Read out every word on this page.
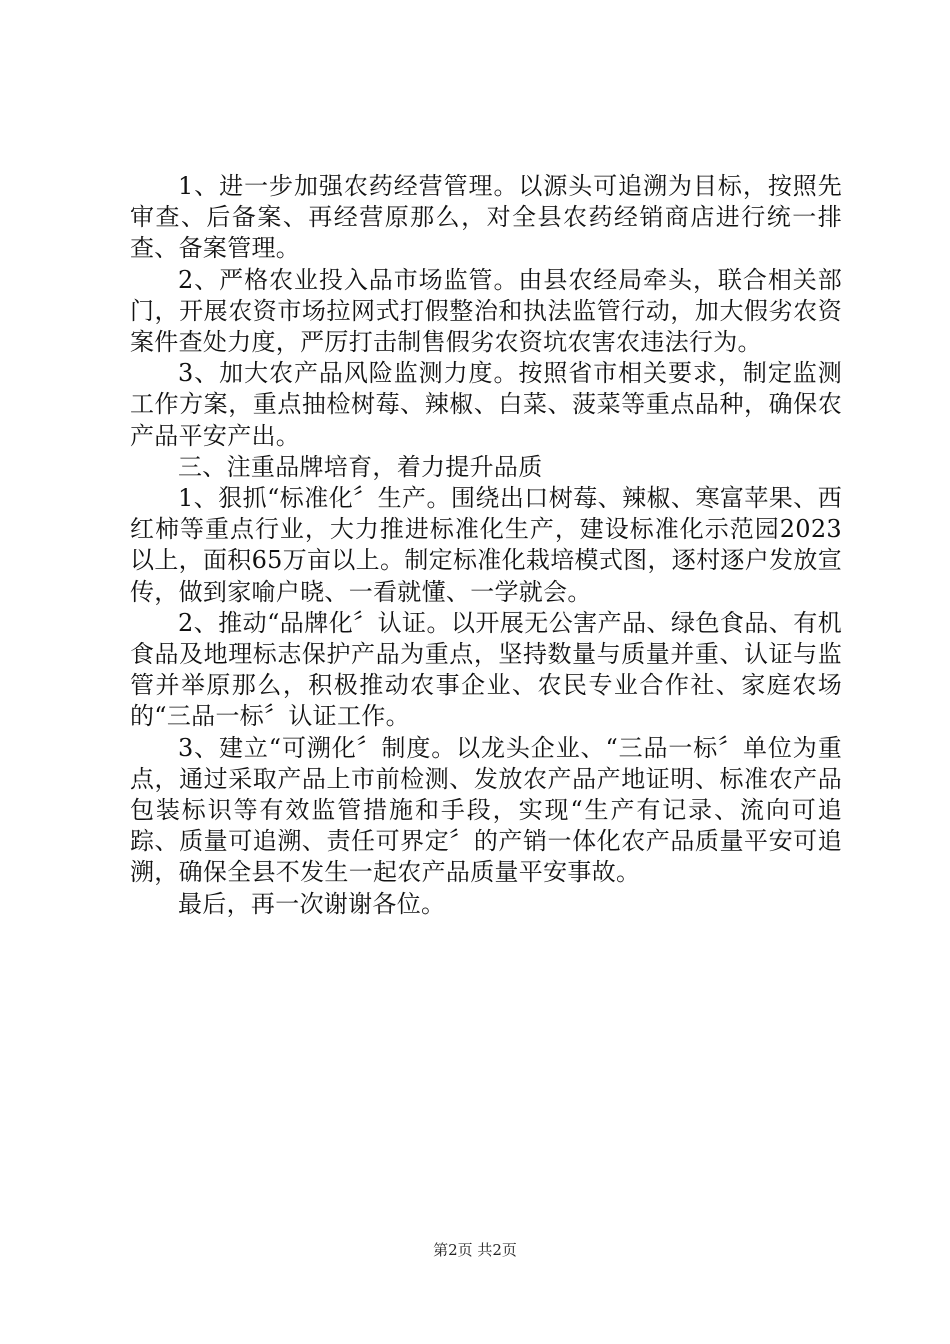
1、进一步加强农药经营管理。以源头可追溯为目标，按照先审查、后备案、再经营原那么，对全县农药经销商店进行统一排查、备案管理。

2、严格农业投入品市场监管。由县农经局牵头，联合相关部门，开展农资市场拉网式打假整治和执法监管行动，加大假劣农资案件查处力度，严厉打击制售假劣农资坑农害农违法行为。

3、加大农产品风险监测力度。按照省市相关要求，制定监测工作方案，重点抽检树莓、辣椒、白菜、菠菜等重点品种，确保农产品平安产出。

三、注重品牌培育，着力提升品质

1、狠抓“标准化〞生产。围绕出口树莓、辣椒、寒富苹果、西红柿等重点行业，大力推进标准化生产，建设标准化示范园2023以上，面积65万亩以上。制定标准化栽培模式图，逐村逐户发放宣传，做到家喻户晓、一看就懂、一学就会。

2、推动“品牌化〞认证。以开展无公害产品、绿色食品、有机食品及地理标志保护产品为重点，坚持数量与质量并重、认证与监管并举原那么，积极推动农事企业、农民专业合作社、家庭农场的“三品一标〞认证工作。

3、建立“可溯化〞制度。以龙头企业、“三品一标〞单位为重点，通过采取产品上市前检测、发放农产品产地证明、标准农产品包装标识等有效监管措施和手段，实现“生产有记录、流向可追踪、质量可追溯、责任可界定〞的产销一体化农产品质量平安可追溯，确保全县不发生一起农产品质量平安事故。

最后，再一次谢谢各位。

第2页 共2页
